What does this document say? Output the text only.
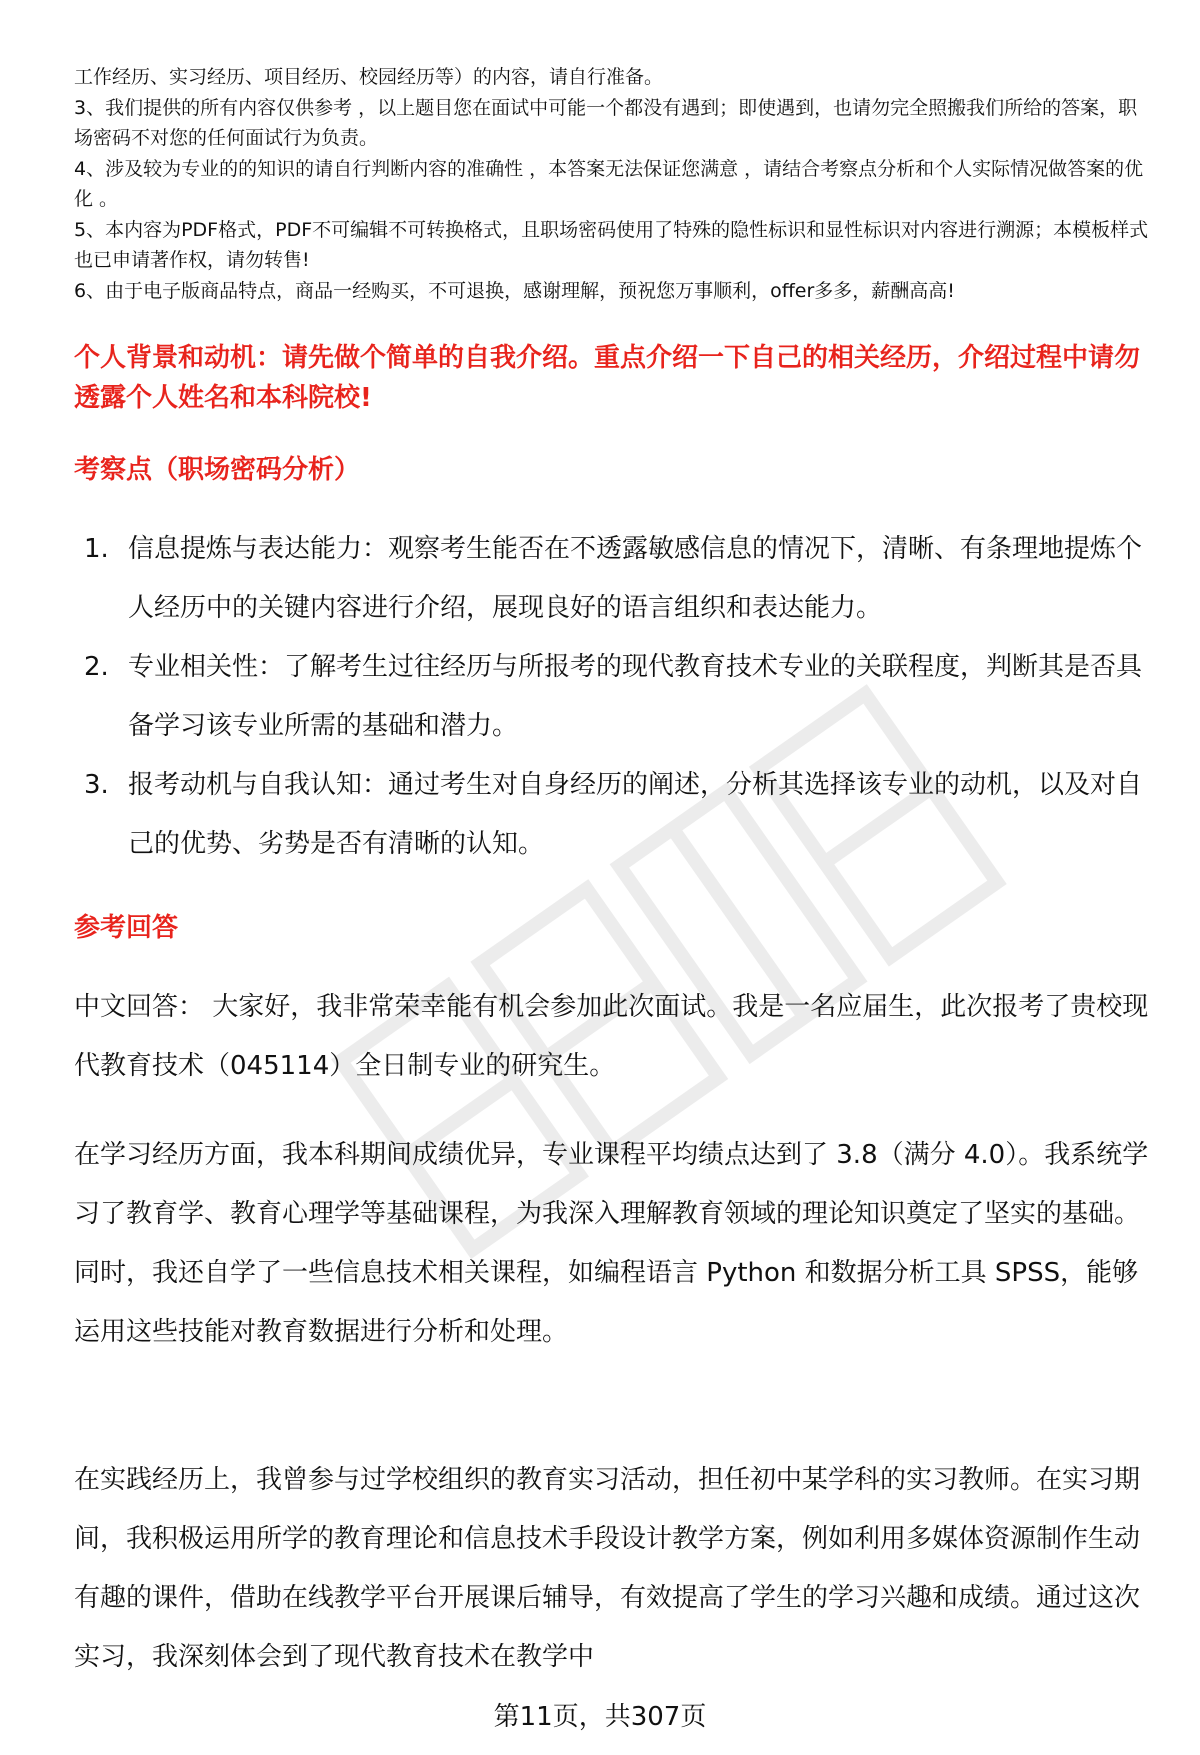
工作经历、实习经历、项目经历、校园经历等）的内容，请自行准备。

3、我们提供的所有内容仅供参考 ，以上题目您在面试中可能一个都没有遇到；即使遇到，也请勿完全照搬我们所给的答案，职场密码不对您的任何面试行为负责。

4、涉及较为专业的的知识的请自行判断内容的准确性 ，本答案无法保证您满意 ，请结合考察点分析和个人实际情况做答案的优化 。

5、本内容为PDF格式，PDF不可编辑不可转换格式，且职场密码使用了特殊的隐性标识和显性标识对内容进行溯源；本模板样式也已申请著作权，请勿转售!

6、由于电子版商品特点，商品一经购买，不可退换，感谢理解，预祝您万事顺利，offer多多，薪酬高高!

个人背景和动机：请先做个简单的自我介绍。重点介绍一下自己的相关经历，介绍过程中请勿透露个人姓名和本科院校!
考察点（职场密码分析）
1. 信息提炼与表达能力：观察考生能否在不透露敏感信息的情况下，清晰、有条理地提炼个人经历中的关键内容进行介绍，展现良好的语言组织和表达能力。
2. 专业相关性：了解考生过往经历与所报考的现代教育技术专业的关联程度，判断其是否具备学习该专业所需的基础和潜力。
3. 报考动机与自我认知：通过考生对自身经历的阐述，分析其选择该专业的动机，以及对自己的优势、劣势是否有清晰的认知。
参考回答

中文回答： 大家好，我非常荣幸能有机会参加此次面试。我是一名应届生，此次报考了贵校现代教育技术（045114）全日制专业的研究生。

在学习经历方面，我本科期间成绩优异，专业课程平均绩点达到了 3.8（满分 4.0）。我系统学习了教育学、教育心理学等基础课程，为我深入理解教育领域的理论知识奠定了坚实的基础。同时，我还自学了一些信息技术相关课程，如编程语言 Python 和数据分析工具 SPSS，能够运用这些技能对教育数据进行分析和处理。

在实践经历上，我曾参与过学校组织的教育实习活动，担任初中某学科的实习教师。在实习期间，我积极运用所学的教育理论和信息技术手段设计教学方案，例如利用多媒体资源制作生动有趣的课件，借助在线教学平台开展课后辅导，有效提高了学生的学习兴趣和成绩。通过这次实习，我深刻体会到了现代教育技术在教学中

第11页，共307页
